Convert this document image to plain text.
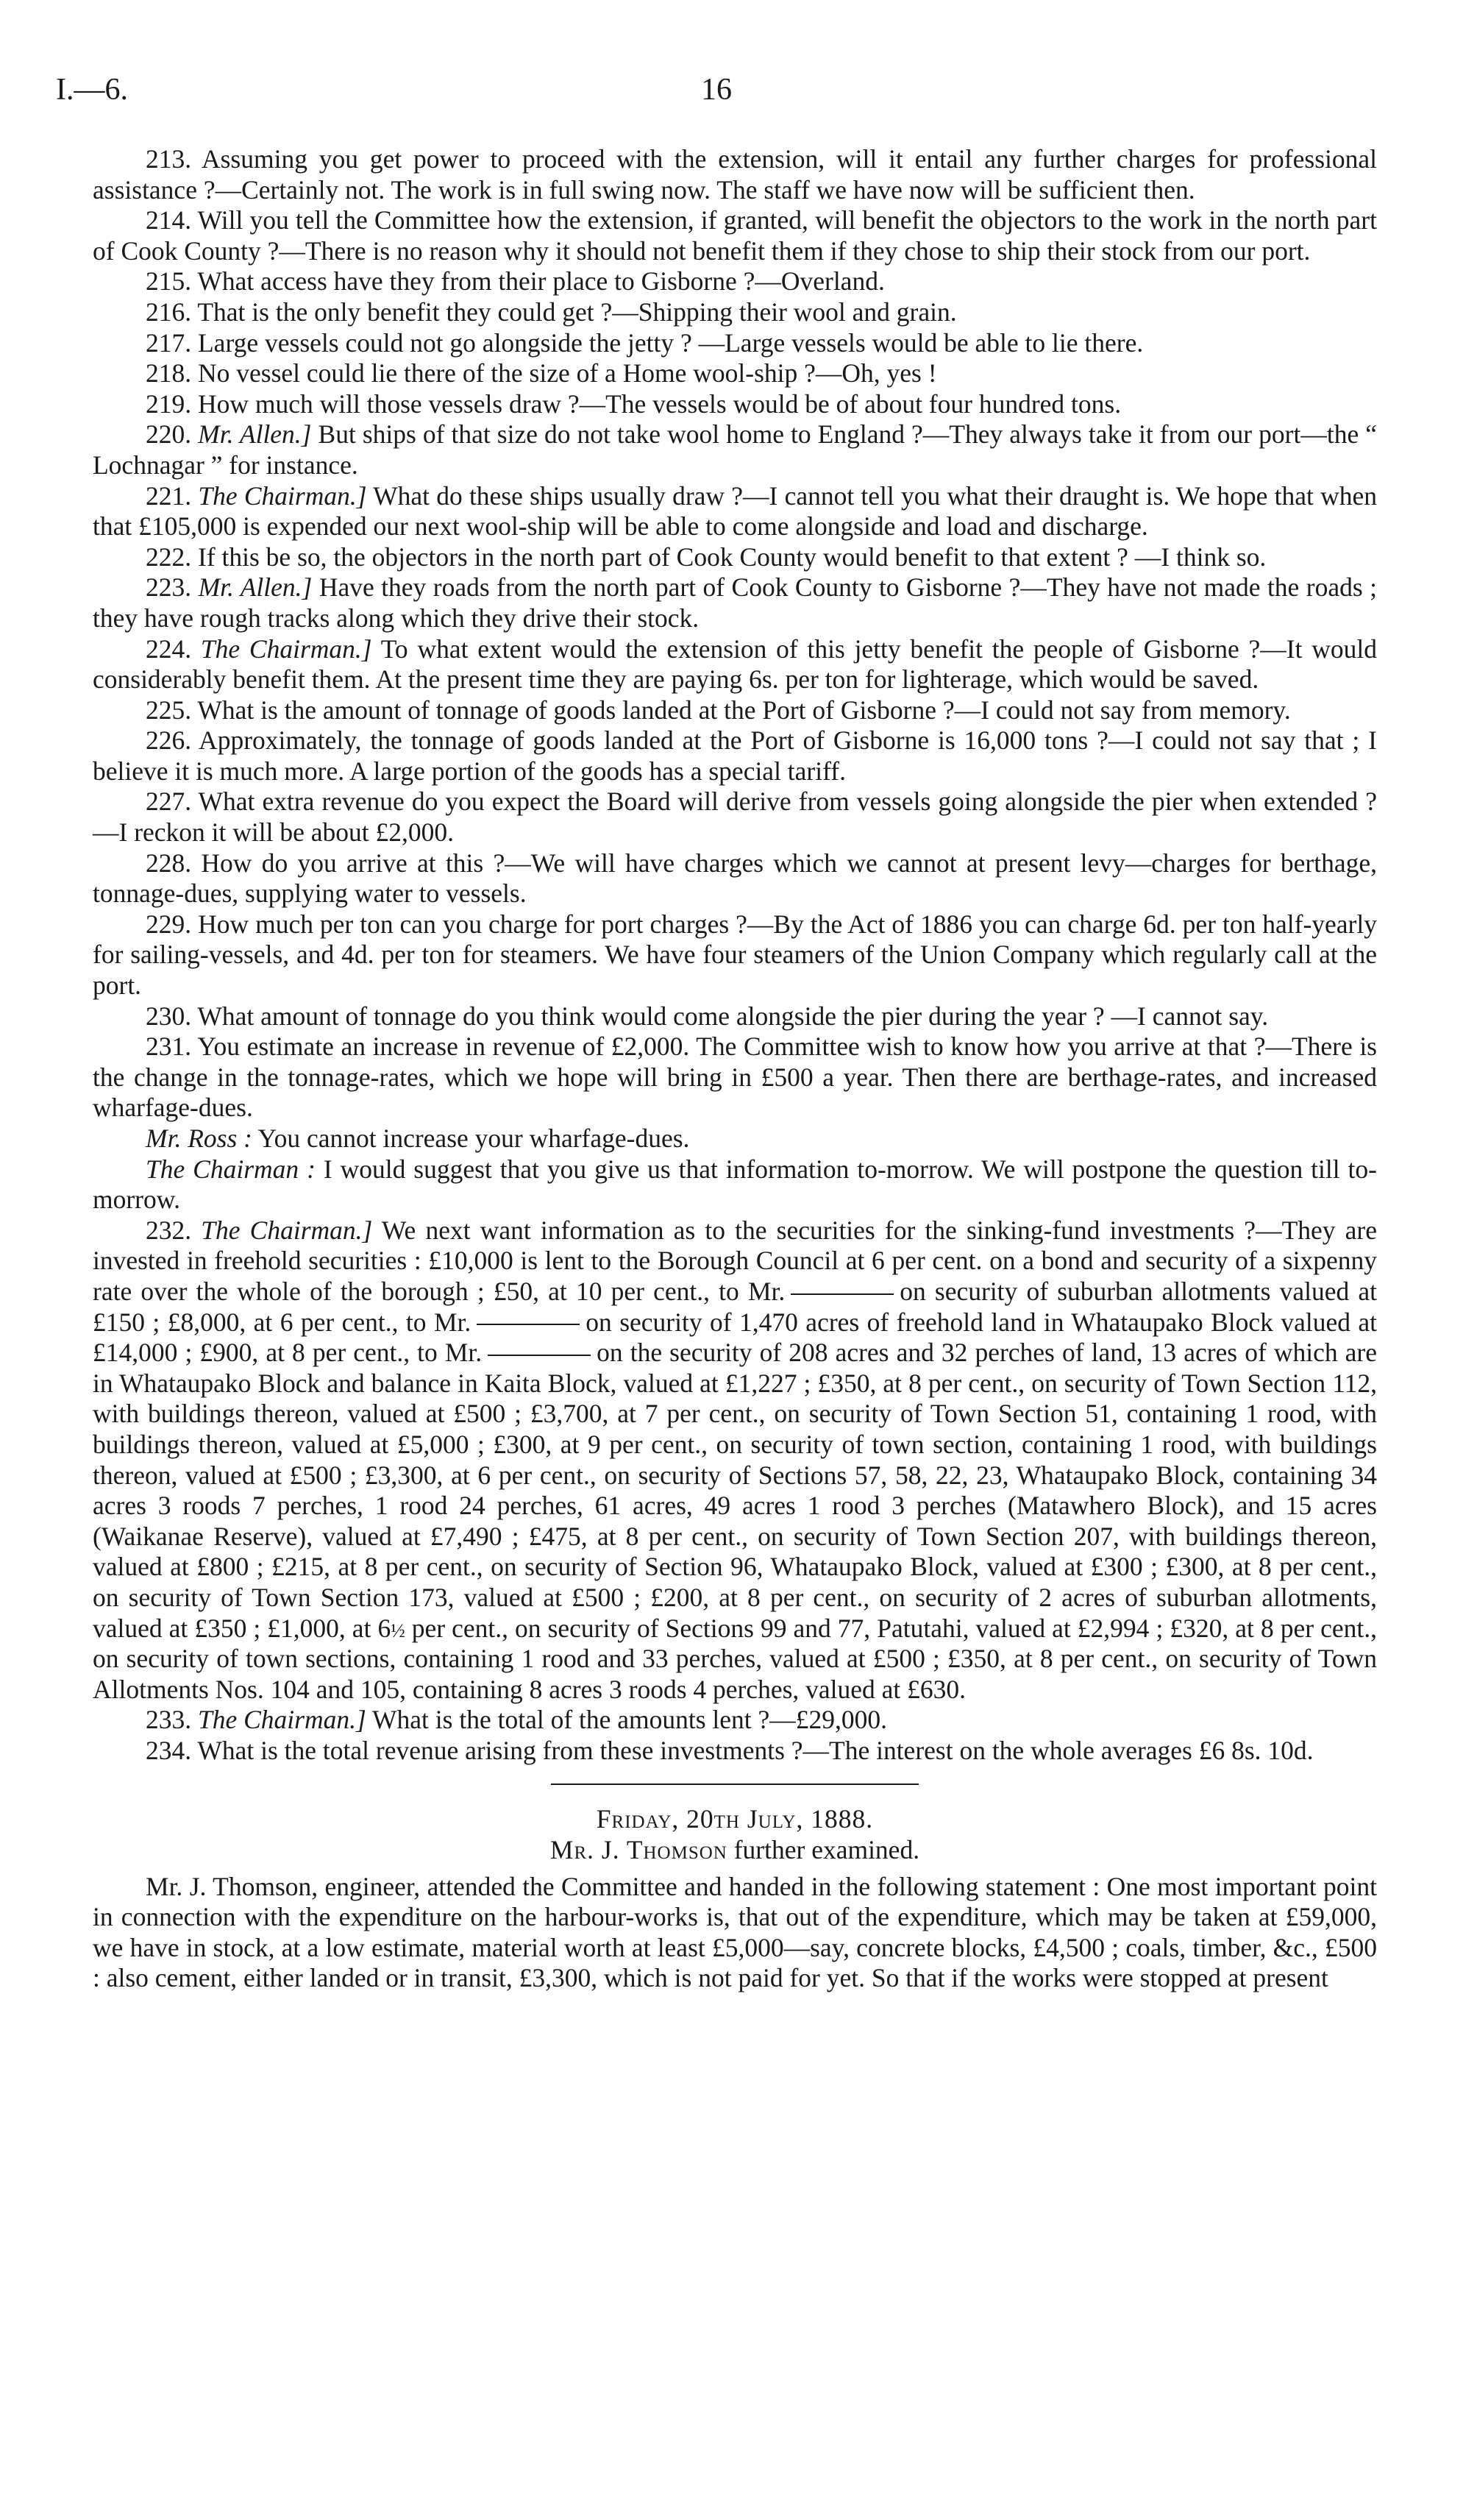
I.—6.	16

213. Assuming you get power to proceed with the extension, will it entail any further charges for professional assistance ?—Certainly not. The work is in full swing now. The staff we have now will be sufficient then.

214. Will you tell the Committee how the extension, if granted, will benefit the objectors to the work in the north part of Cook County ?—There is no reason why it should not benefit them if they chose to ship their stock from our port.

215. What access have they from their place to Gisborne ?—Overland.

216. That is the only benefit they could get ?—Shipping their wool and grain.

217. Large vessels could not go alongside the jetty ? —Large vessels would be able to lie there.

218. No vessel could lie there of the size of a Home wool-ship ?—Oh, yes !

219. How much will those vessels draw ?—The vessels would be of about four hundred tons.

220. Mr. Allen.] But ships of that size do not take wool home to England ?—They always take it from our port—the “ Lochnagar ” for instance.

221. The Chairman.] What do these ships usually draw ?—I cannot tell you what their draught is. We hope that when that £105,000 is expended our next wool-ship will be able to come alongside and load and discharge.

222. If this be so, the objectors in the north part of Cook County would benefit to that extent ? —I think so.

223. Mr. Allen.] Have they roads from the north part of Cook County to Gisborne ?—They have not made the roads ; they have rough tracks along which they drive their stock.

224. The Chairman.] To what extent would the extension of this jetty benefit the people of Gisborne ?—It would considerably benefit them. At the present time they are paying 6s. per ton for lighterage, which would be saved.

225. What is the amount of tonnage of goods landed at the Port of Gisborne ?—I could not say from memory.

226. Approximately, the tonnage of goods landed at the Port of Gisborne is 16,000 tons ?—I could not say that ; I believe it is much more. A large portion of the goods has a special tariff.

227. What extra revenue do you expect the Board will derive from vessels going alongside the pier when extended ?—I reckon it will be about £2,000.

228. How do you arrive at this ?—We will have charges which we cannot at present levy—charges for berthage, tonnage-dues, supplying water to vessels.

229. How much per ton can you charge for port charges ?—By the Act of 1886 you can charge 6d. per ton half-yearly for sailing-vessels, and 4d. per ton for steamers. We have four steamers of the Union Company which regularly call at the port.

230. What amount of tonnage do you think would come alongside the pier during the year ? —I cannot say.

231. You estimate an increase in revenue of £2,000. The Committee wish to know how you arrive at that ?—There is the change in the tonnage-rates, which we hope will bring in £500 a year. Then there are berthage-rates, and increased wharfage-dues.

Mr. Ross : You cannot increase your wharfage-dues.

The Chairman : I would suggest that you give us that information to-morrow. We will postpone the question till to-morrow.

232. The Chairman.] We next want information as to the securities for the sinking-fund investments ?—They are invested in freehold securities : £10,000 is lent to the Borough Council at 6 per cent. on a bond and security of a sixpenny rate over the whole of the borough ; £50, at 10 per cent., to Mr.	on security of suburban allotments valued at £150 ; £8,000, at 6 per cent., to Mr.	on security of 1,470 acres of freehold land in Whataupako Block valued at £14,000 ; £900, at 8 per cent., to Mr.	on the security of 208 acres and 32 perches of land, 13 acres of which are in Whataupako Block and balance in Kaita Block, valued at £1,227 ; £350, at 8 per cent., on security of Town Section 112, with buildings thereon, valued at £500 ; £3,700, at 7 per cent., on security of Town Section 51, containing 1 rood, with buildings thereon, valued at £5,000 ; £300, at 9 per cent., on security of town section, containing 1 rood, with buildings thereon, valued at £500 ; £3,300, at 6 per cent., on security of Sections 57, 58, 22, 23, Whataupako Block, containing 34 acres 3 roods 7 perches, 1 rood 24 perches, 61 acres, 49 acres 1 rood 3 perches (Matawhero Block), and 15 acres (Waikanae Reserve), valued at £7,490 ; £475, at 8 per cent., on security of Town Section 207, with buildings thereon, valued at £800 ; £215, at 8 per cent., on security of Section 96, Whataupako Block, valued at £300 ; £300, at 8 per cent., on security of Town Section 173, valued at £500 ; £200, at 8 per cent., on security of 2 acres of suburban allotments, valued at £350 ; £1,000, at 6½ per cent., on security of Sections 99 and 77, Patutahi, valued at £2,994 ; £320, at 8 per cent., on security of town sections, containing 1 rood and 33 perches, valued at £500 ; £350, at 8 per cent., on security of Town Allotments Nos. 104 and 105, containing 8 acres 3 roods 4 perches, valued at £630.

233. The Chairman.] What is the total of the amounts lent ?—£29,000.

234. What is the total revenue arising from these investments ?—The interest on the whole averages £6 8s. 10d.

Friday, 20th July, 1888.

Mr. J. Thomson further examined.

Mr. J. Thomson, engineer, attended the Committee and handed in the following statement : One most important point in connection with the expenditure on the harbour-works is, that out of the expenditure, which may be taken at £59,000, we have in stock, at a low estimate, material worth at least £5,000—say, concrete blocks, £4,500 ; coals, timber, &c., £500 : also cement, either landed or in transit, £3,300, which is not paid for yet. So that if the works were stopped at present
